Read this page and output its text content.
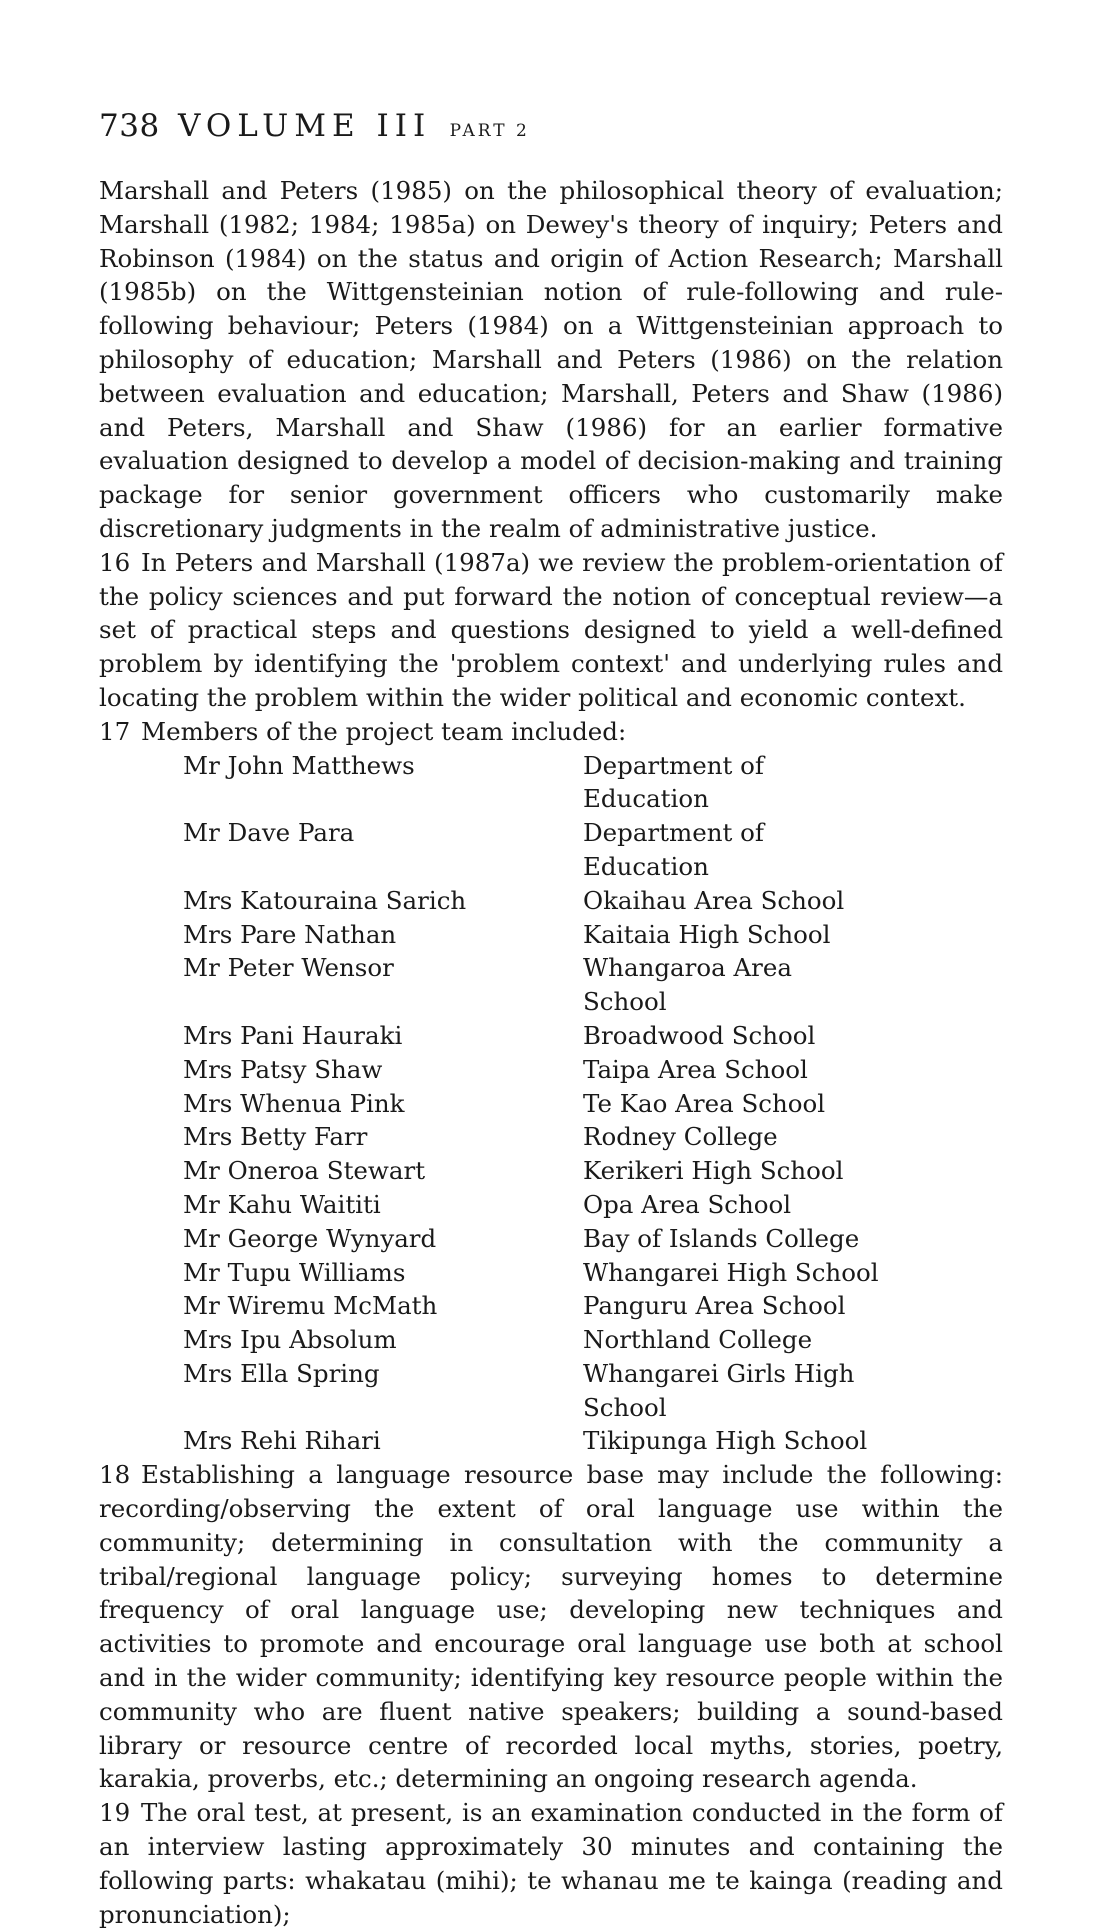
738 VOLUME III PART 2

Marshall and Peters (1985) on the philosophical theory of evaluation; Marshall (1982; 1984; 1985a) on Dewey's theory of inquiry; Peters and Robinson (1984) on the status and origin of Action Research; Marshall (1985b) on the Wittgensteinian notion of rule-following and rule-following behaviour; Peters (1984) on a Wittgensteinian approach to philosophy of education; Marshall and Peters (1986) on the relation between evaluation and education; Marshall, Peters and Shaw (1986) and Peters, Marshall and Shaw (1986) for an earlier formative evaluation designed to develop a model of decision-making and training package for senior government officers who customarily make discretionary judgments in the realm of administrative justice.

16 In Peters and Marshall (1987a) we review the problem-orientation of the policy sciences and put forward the notion of conceptual review—a set of practical steps and questions designed to yield a well-defined problem by identifying the 'problem context' and underlying rules and locating the problem within the wider political and economic context.

17 Members of the project team included:

Mr John Matthews	Department of Education
Mr Dave Para	Department of Education
Mrs Katouraina Sarich	Okaihau Area School
Mrs Pare Nathan	Kaitaia High School
Mr Peter Wensor	Whangaroa Area School
Mrs Pani Hauraki	Broadwood School
Mrs Patsy Shaw	Taipa Area School
Mrs Whenua Pink	Te Kao Area School
Mrs Betty Farr	Rodney College
Mr Oneroa Stewart	Kerikeri High School
Mr Kahu Waititi	Opa Area School
Mr George Wynyard	Bay of Islands College
Mr Tupu Williams	Whangarei High School
Mr Wiremu McMath	Panguru Area School
Mrs Ipu Absolum	Northland College
Mrs Ella Spring	Whangarei Girls High School
Mrs Rehi Rihari	Tikipunga High School

18 Establishing a language resource base may include the following: recording/observing the extent of oral language use within the community; determining in consultation with the community a tribal/regional language policy; surveying homes to determine frequency of oral language use; developing new techniques and activities to promote and encourage oral language use both at school and in the wider community; identifying key resource people within the community who are fluent native speakers; building a sound-based library or resource centre of recorded local myths, stories, poetry, karakia, proverbs, etc.; determining an ongoing research agenda.

19 The oral test, at present, is an examination conducted in the form of an interview lasting approximately 30 minutes and containing the following parts: whakatau (mihi); te whanau me te kainga (reading and pronunciation);
